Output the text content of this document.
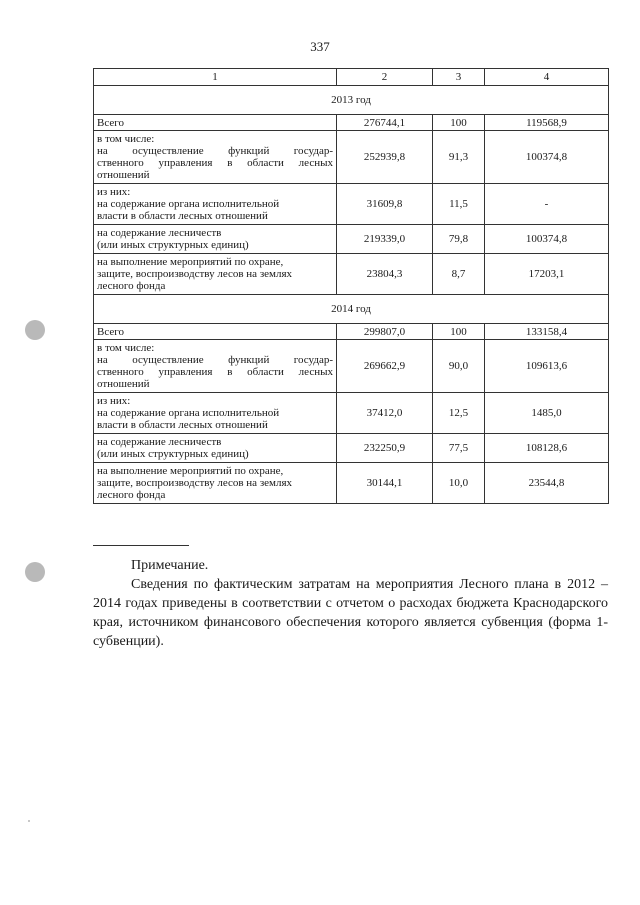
337
1	2	3	4
2013 год			
Всего	276744,1	100	119568,9

в том числе:
на осуществление функций государ-
ственного управления в области лесных
отношений	252939,8	91,3	100374,8

из них:
на содержание органа исполнительной
власти в области лесных отношений	31609,8	11,5	-

на содержание лесничеств
(или иных структурных единиц)	219339,0	79,8	100374,8

на выполнение мероприятий по охране,
защите, воспроизводству лесов на землях
лесного фонда	23804,3	8,7	17203,1
2014 год			
Всего	299807,0	100	133158,4

в том числе:
на осуществление функций государ-
ственного управления в области лесных
отношений	269662,9	90,0	109613,6

из них:
на содержание органа исполнительной
власти в области лесных отношений	37412,0	12,5	1485,0

на содержание лесничеств
(или иных структурных единиц)	232250,9	77,5	108128,6

на выполнение мероприятий по охране,
защите, воспроизводству лесов на землях
лесного фонда	30144,1	10,0	23544,8
Примечание.
Сведения по фактическим затратам на мероприятия Лесного плана в 2012 – 2014 годах приведены в соответствии с отчетом о расходах бюджета Краснодарского края, источником финансового обеспечения которого является субвенция (форма 1-субвенции).
